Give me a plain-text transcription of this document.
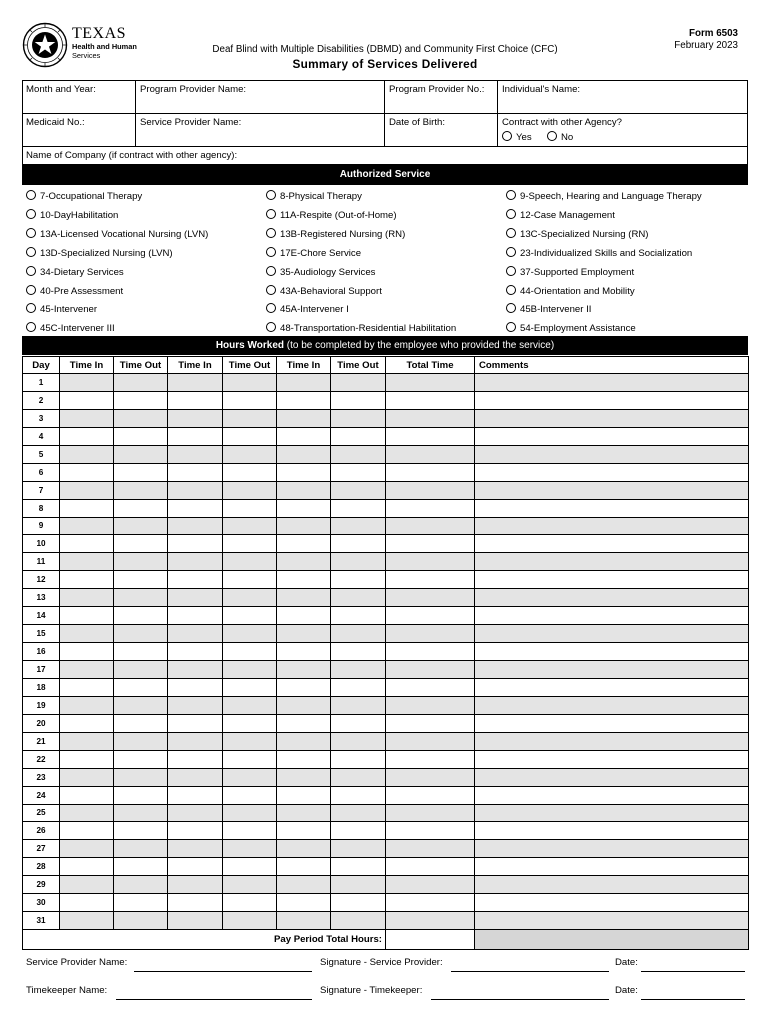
TEXAS
Health and Human
Services
Deaf Blind with Multiple Disabilities (DBMD) and Community First Choice (CFC)
Summary of Services Delivered
Form 6503
February 2023
Month and Year:	Program Provider Name:	Program Provider No.: Individual's Name:
Medicaid No.:	Service Provider Name:	Date of Birth:	Contract with other Agency?
Yes	No
Name of Company (if contract with other agency):
Authorized Service
7-Occupational Therapy
10-DayHabilitation
13A-Licensed Vocational Nursing (LVN)
13D-Specialized Nursing (LVN)
34-Dietary Services
40-Pre Assessment
45-Intervener
45C-Intervener III
8-Physical Therapy
11A-Respite (Out-of-Home)
13B-Registered Nursing (RN)
17E-Chore Service
35-Audiology Services
43A-Behavioral Support
45A-Intervener I
48-Transportation-Residential Habilitation
9-Speech, Hearing and Language Therapy
12-Case Management
13C-Specialized Nursing (RN)
23-Individualized Skills and Socialization
37-Supported Employment
44-Orientation and Mobility
45B-Intervener II
54-Employment Assistance
Hours Worked (to be completed by the employee who provided the service)
Day	Time In	Time Out	Time In	Time Out	Time In	Time Out	Total Time	Comments
1								
2								
3								
4								
5								
6								
7								
8								
9								
10								
11								
12								
13								
14								
15								
16								
17								
18								
19								
20								
21								
22								
23								
24								
25								
26								
27								
28								
29								
30								
31								
Pay Period Total Hours:								
Service Provider Name:	Signature - Service Provider:	Date:
Timekeeper Name:	Signature - Timekeeper:	Date:
